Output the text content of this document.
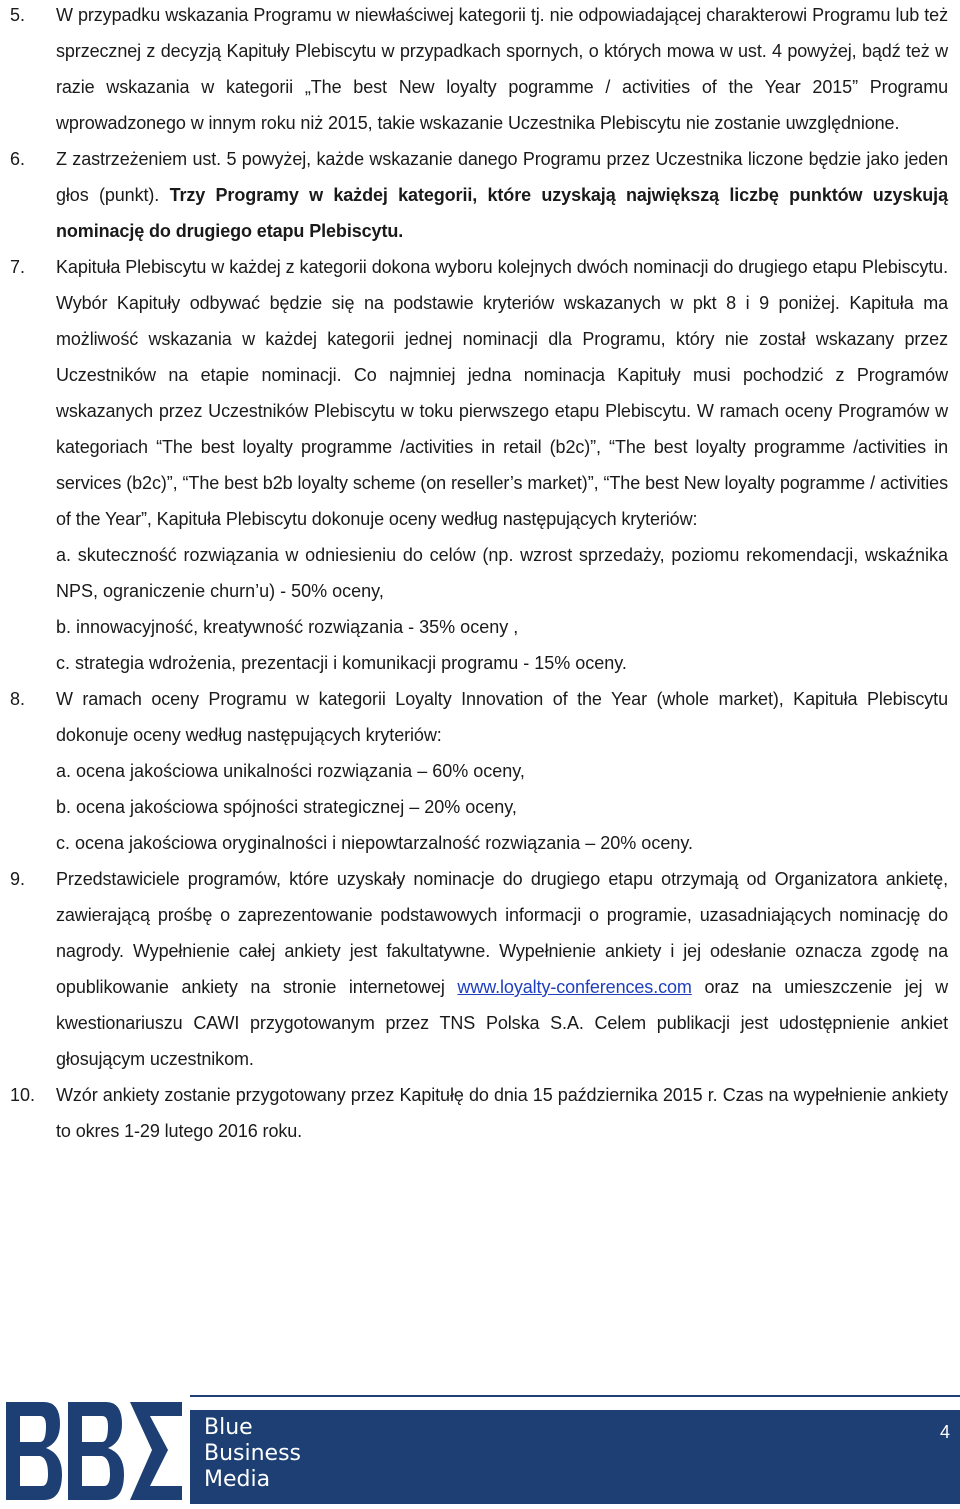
5. W przypadku wskazania Programu w niewłaściwej kategorii tj. nie odpowiadającej charakterowi Programu lub też sprzecznej z decyzją Kapituły Plebiscytu w przypadkach spornych, o których mowa w ust. 4 powyżej, bądź też w razie wskazania w kategorii „The best New loyalty pogramme / activities of the Year 2015” Programu wprowadzonego w innym roku niż 2015, takie wskazanie Uczestnika Plebiscytu nie zostanie uwzględnione.

6. Z zastrzeżeniem ust. 5 powyżej, każde wskazanie danego Programu przez Uczestnika liczone będzie jako jeden głos (punkt). Trzy Programy w każdej kategorii, które uzyskają największą liczbę punktów uzyskują nominację do drugiego etapu Plebiscytu.

7. Kapituła Plebiscytu w każdej z kategorii dokona wyboru kolejnych dwóch nominacji do drugiego etapu Plebiscytu. Wybór Kapituły odbywać będzie się na podstawie kryteriów wskazanych w pkt 8 i 9 poniżej. Kapituła ma możliwość wskazania w każdej kategorii jednej nominacji dla Programu, który nie został wskazany przez Uczestników na etapie nominacji. Co najmniej jedna nominacja Kapituły musi pochodzić z Programów wskazanych przez Uczestników Plebiscytu w toku pierwszego etapu Plebiscytu. W ramach oceny Programów w kategoriach “The best loyalty programme /activities in retail (b2c)”, “The best loyalty programme /activities in services (b2c)”, “The best b2b loyalty scheme (on reseller’s market)”, “The best New loyalty pogramme / activities of the Year”, Kapituła Plebiscytu dokonuje oceny według następujących kryteriów:

a. skuteczność rozwiązania w odniesieniu do celów (np. wzrost sprzedaży, poziomu rekomendacji, wskaźnika NPS, ograniczenie churn’u) - 50% oceny,

b. innowacyjność, kreatywność rozwiązania - 35% oceny ,

c. strategia wdrożenia, prezentacji i komunikacji programu - 15% oceny.

8. W ramach oceny Programu w kategorii Loyalty Innovation of the Year (whole market), Kapituła Plebiscytu dokonuje oceny według następujących kryteriów:

a. ocena jakościowa unikalności rozwiązania – 60% oceny,

b. ocena jakościowa spójności strategicznej – 20% oceny,

c. ocena jakościowa oryginalności i niepowtarzalność rozwiązania – 20% oceny.

9. Przedstawiciele programów, które uzyskały nominacje do drugiego etapu otrzymają od Organizatora ankietę, zawierającą prośbę o zaprezentowanie podstawowych informacji o programie, uzasadniających nominację do nagrody. Wypełnienie całej ankiety jest fakultatywne. Wypełnienie ankiety i jej odesłanie oznacza zgodę na opublikowanie ankiety na stronie internetowej www.loyalty-conferences.com oraz na umieszczenie jej w kwestionariuszu CAWI przygotowanym przez TNS Polska S.A. Celem publikacji jest udostępnienie ankiet głosującym uczestnikom.

10. Wzór ankiety zostanie przygotowany przez Kapitułę do dnia 15 października 2015 r. Czas na wypełnienie ankiety to okres 1-29 lutego 2016 roku.

Blue
Business
Media
4
